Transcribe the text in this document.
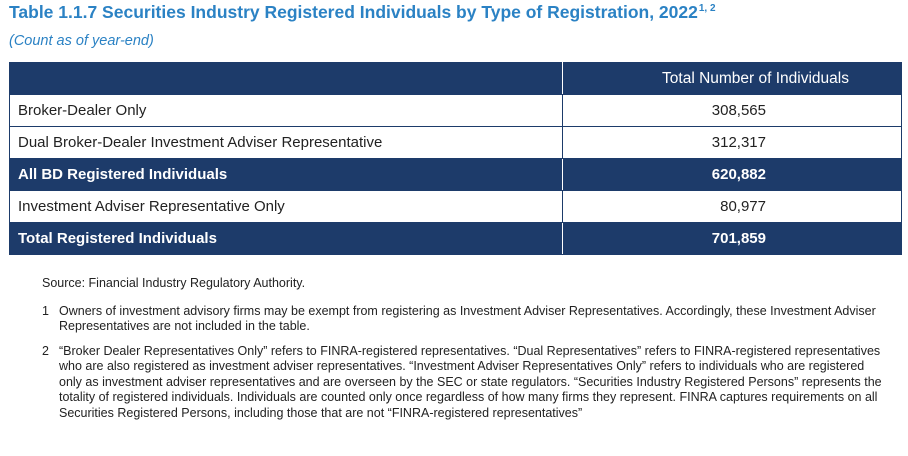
Table 1.1.7 Securities Industry Registered Individuals by Type of Registration, 2022$^{1, 2}$
(Count as of year-end)
	Total Number of Individuals
Broker-Dealer Only	308,565
Dual Broker-Dealer Investment Adviser Representative	312,317
All BD Registered Individuals	620,882
Investment Adviser Representative Only	80,977
Total Registered Individuals	701,859
Source: Financial Industry Regulatory Authority.
1 Owners of investment advisory firms may be exempt from registering as Investment Adviser Representatives. Accordingly, these Investment Adviser Representatives are not included in the table.
2 “Broker Dealer Representatives Only” refers to FINRA-registered representatives. “Dual Representatives” refers to FINRA-registered representatives who are also registered as investment adviser representatives. “Investment Adviser Representatives Only” refers to individuals who are registered only as investment adviser representatives and are overseen by the SEC or state regulators. “Securities Industry Registered Persons” represents the totality of registered individuals. Individuals are counted only once regardless of how many firms they represent. FINRA captures requirements on all Securities Registered Persons, including those that are not “FINRA-registered representatives”
